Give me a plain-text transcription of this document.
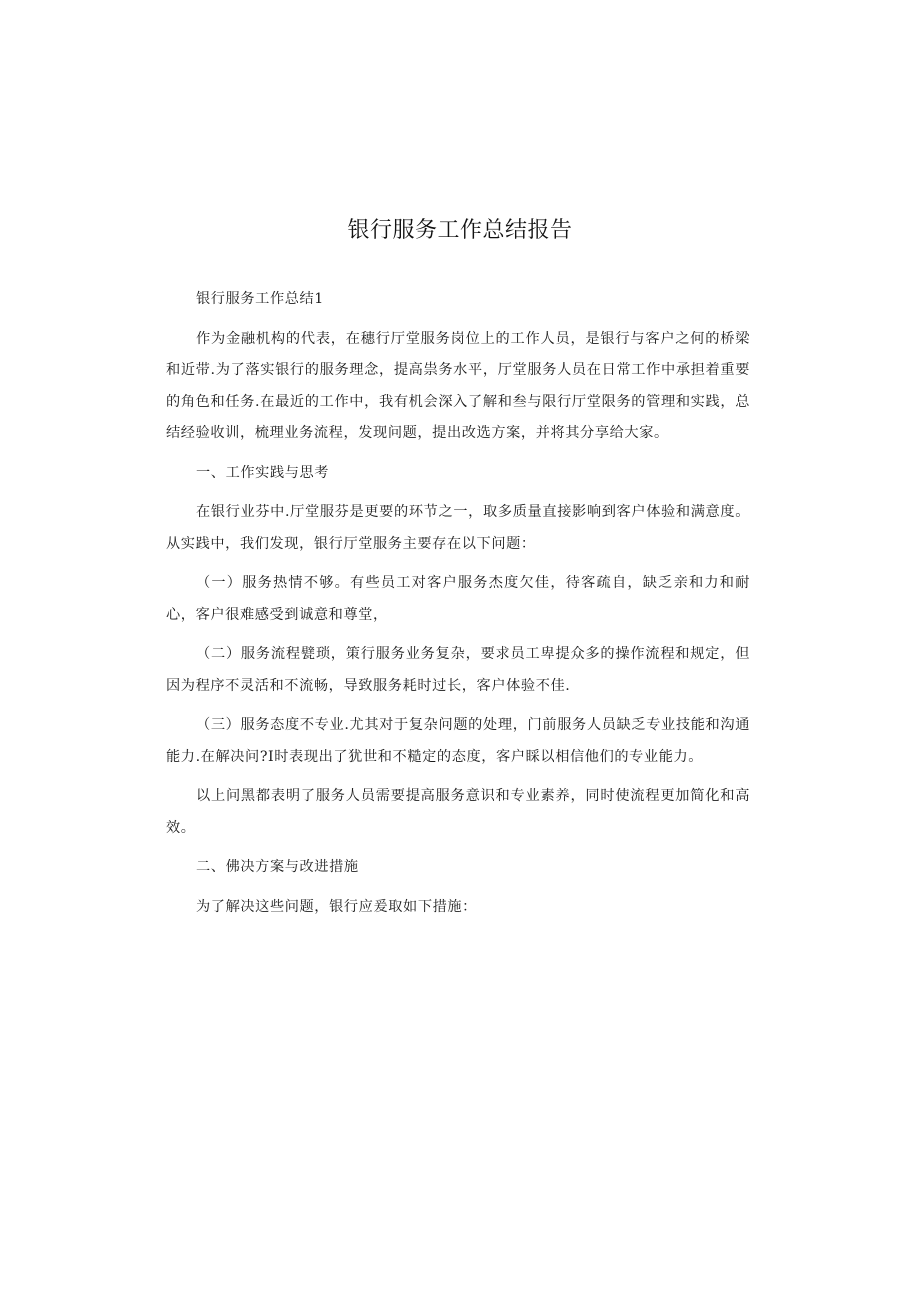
银行服务工作总结报告

银行服务工作总结1

作为金融机构的代表，在穗行厅堂服务岗位上的工作人员，是银行与客户之何的桥梁和近带.为了落实银行的服务理念，提高祟务水平，厅堂服务人员在日常工作中承担着重要的角色和任务.在最近的工作中，我有机会深入了解和叁与限行厅堂限务的管理和实践，总结经验收训，梳理业务流程，发现问题，提出改选方案，并将其分享给大家。

一、工作实践与思考

在银行业芬中.厅堂服芬是更要的环节之一，取多质量直接影响到客户体验和满意度。从实践中，我们发现，银行厅堂服务主要存在以下问题：

（一）服务热情不够。有些员工对客户服务杰度欠佳，待客疏自，缺乏亲和力和耐心，客户很难感受到诚意和尊堂，

（二）服务流程甓琐，策行服务业务复杂，要求员工卑提众多的操作流程和规定，但因为程序不灵活和不流畅，导致服务耗时过长，客户体验不佳.

（三）服务态度不专业.尤其对于复杂问题的处理，门前服务人员缺乏专业技能和沟通能力.在解决问?I时表现出了犹世和不糙定的态度，客户睬以相信他们的专业能力。

以上问黑都表明了服务人员需要提高服务意识和专业素养，同时使流程更加简化和高效。

二、佛决方案与改进措施

为了解决这些问题，银行应爰取如下措施：
